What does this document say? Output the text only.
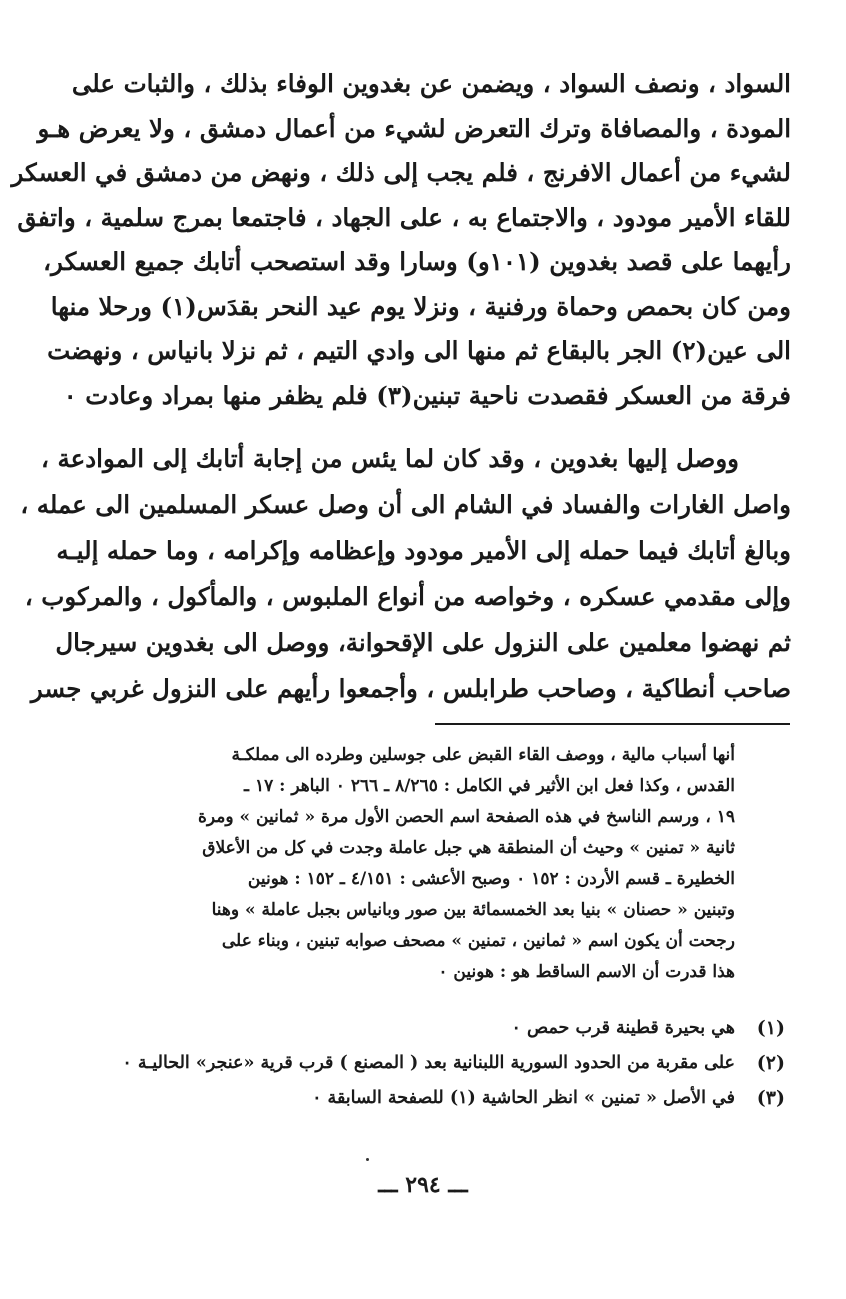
السواد ، ونصف السواد ، ويضمن عن بغدوين الوفاء بذلك ، والثبات على
المودة ، والمصافاة وترك التعرض لشيء من أعمال دمشق ، ولا يعرض هـو
لشيء من أعمال الافرنج ، فلم يجب إلى ذلك ، ونهض من دمشق في العسكر
للقاء الأمير مودود ، والاجتماع به ، على الجهاد ، فاجتمعا بمرج سلمية ، واتفق
رأيهما على قصد بغدوين (١٠١و) وسارا وقد استصحب أتابك جميع العسكر،
ومن كان بحمص وحماة ورفنية ، ونزلا يوم عيد النحر بقدَس(١) ورحلا منها
الى عين(٢) الجر بالبقاع ثم منها الى وادي التيم ، ثم نزلا بانياس ، ونهضت
فرقة من العسكر فقصدت ناحية تبنين(٣) فلم يظفر منها بمراد وعادت ٠
ووصل إليها بغدوين ، وقد كان لما يئس من إجابة أتابك إلى الموادعة ،
واصل الغارات والفساد في الشام الى أن وصل عسكر المسلمين الى عمله ،
وبالغ أتابك فيما حمله إلى الأمير مودود وإعظامه وإكرامه ، وما حمله إليـه
وإلى مقدمي عسكره ، وخواصه من أنواع الملبوس ، والمأكول ، والمركوب ،
ثم نهضوا معلمين على النزول على الإقحوانة، ووصل الى بغدوين سيرجال
صاحب أنطاكية ، وصاحب طرابلس ، وأجمعوا رأيهم على النزول غربي جسر
أنها أسباب مالية ، ووصف القاء القبض على جوسلين وطرده الى مملكـة
القدس ، وكذا فعل ابن الأثير في الكامل : ٨/٢٦٥ ـ ٢٦٦ ٠ الباهر : ١٧ ـ
١٩ ، ورسم الناسخ في هذه الصفحة اسم الحصن الأول مرة « ثمانين » ومرة
ثانية « تمنين » وحيث أن المنطقة هي جبل عاملة وجدت في كل من الأعلاق
الخطيرة ـ قسم الأردن : ١٥٢ ٠ وصبح الأعشى : ٤/١٥١ ـ ١٥٢ : هونين
وتبنين « حصنان » بنيا بعد الخمسمائة بين صور وبانياس بجبل عاملة » وهنا
رجحت أن يكون اسم « ثمانين ، تمنين » مصحف صوابه تبنين ، وبناء على
هذا قدرت أن الاسم الساقط هو : هونين ٠
(١)
هي بحيرة قطينة قرب حمص ٠
(٢)
على مقربة من الحدود السورية اللبنانية بعد ( المصنع ) قرب قرية «عنجر» الحاليـة ٠
(٣)
في الأصل « تمنين » انظر الحاشية (١) للصفحة السابقة ٠
ـــ ٢٩٤ ـــ
